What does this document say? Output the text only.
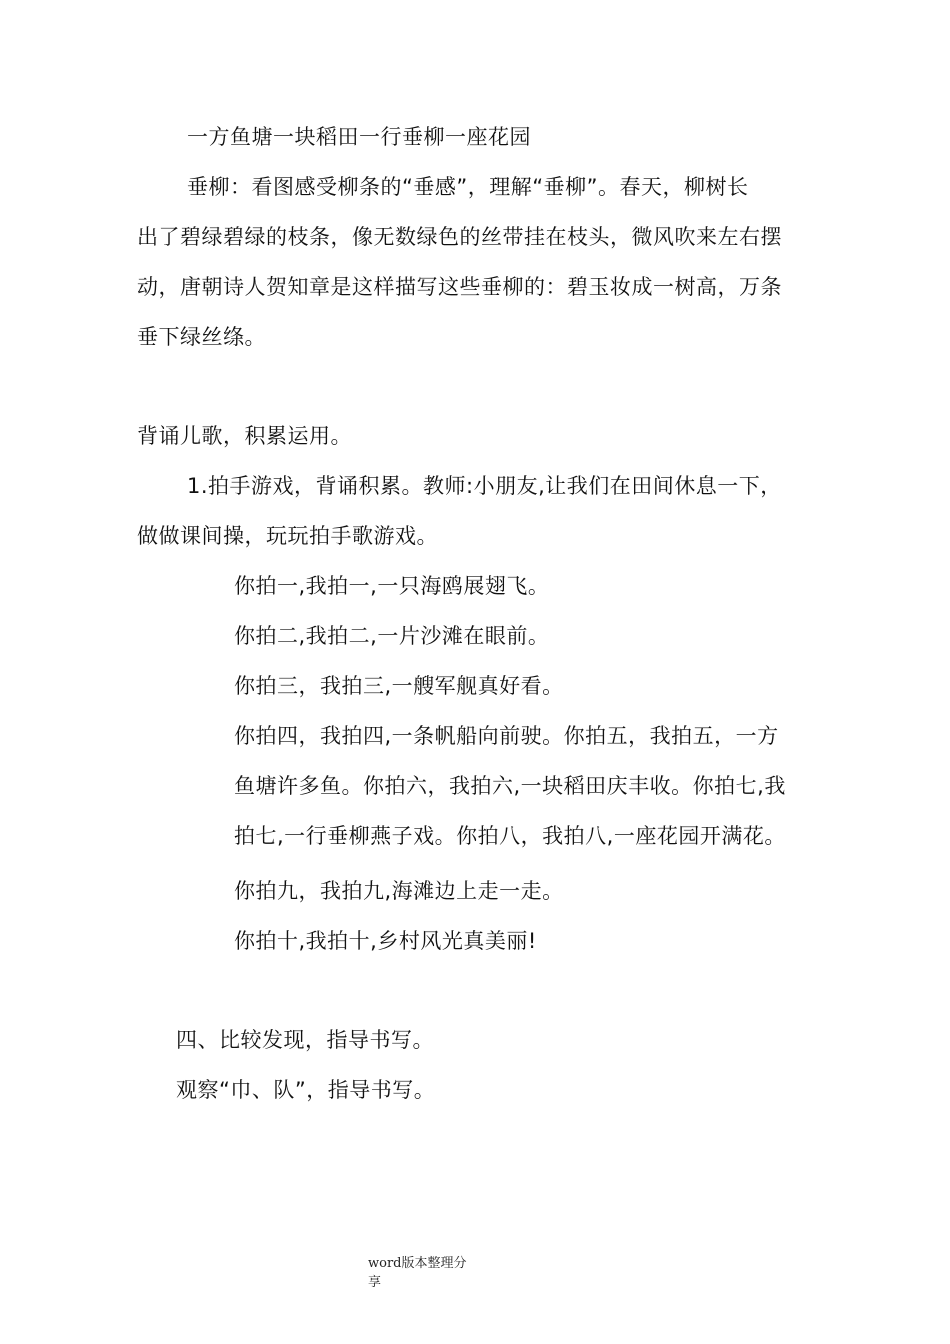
一方鱼塘一块稻田一行垂柳一座花园
垂柳：看图感受柳条的“垂感”，理解“垂柳”。春天，柳树长
出了碧绿碧绿的枝条，像无数绿色的丝带挂在枝头，微风吹来左右摆
动，唐朝诗人贺知章是这样描写这些垂柳的：碧玉妆成一树高，万条
垂下绿丝绦。
背诵儿歌，积累运用。
1.拍手游戏，背诵积累。教师:小朋友,让我们在田间休息一下，
做做课间操，玩玩拍手歌游戏。
你拍一,我拍一,一只海鸥展翅飞。
你拍二,我拍二,一片沙滩在眼前。
你拍三，我拍三,一艘军舰真好看。
你拍四，我拍四,一条帆船向前驶。你拍五，我拍五，一方
鱼塘许多鱼。你拍六，我拍六,一块稻田庆丰收。你拍七,我
拍七,一行垂柳燕子戏。你拍八，我拍八,一座花园开满花。
你拍九，我拍九,海滩边上走一走。
你拍十,我拍十,乡村风光真美丽!
四、比较发现，指导书写。
观察“巾、队”，指导书写。
word版本整理分
享
